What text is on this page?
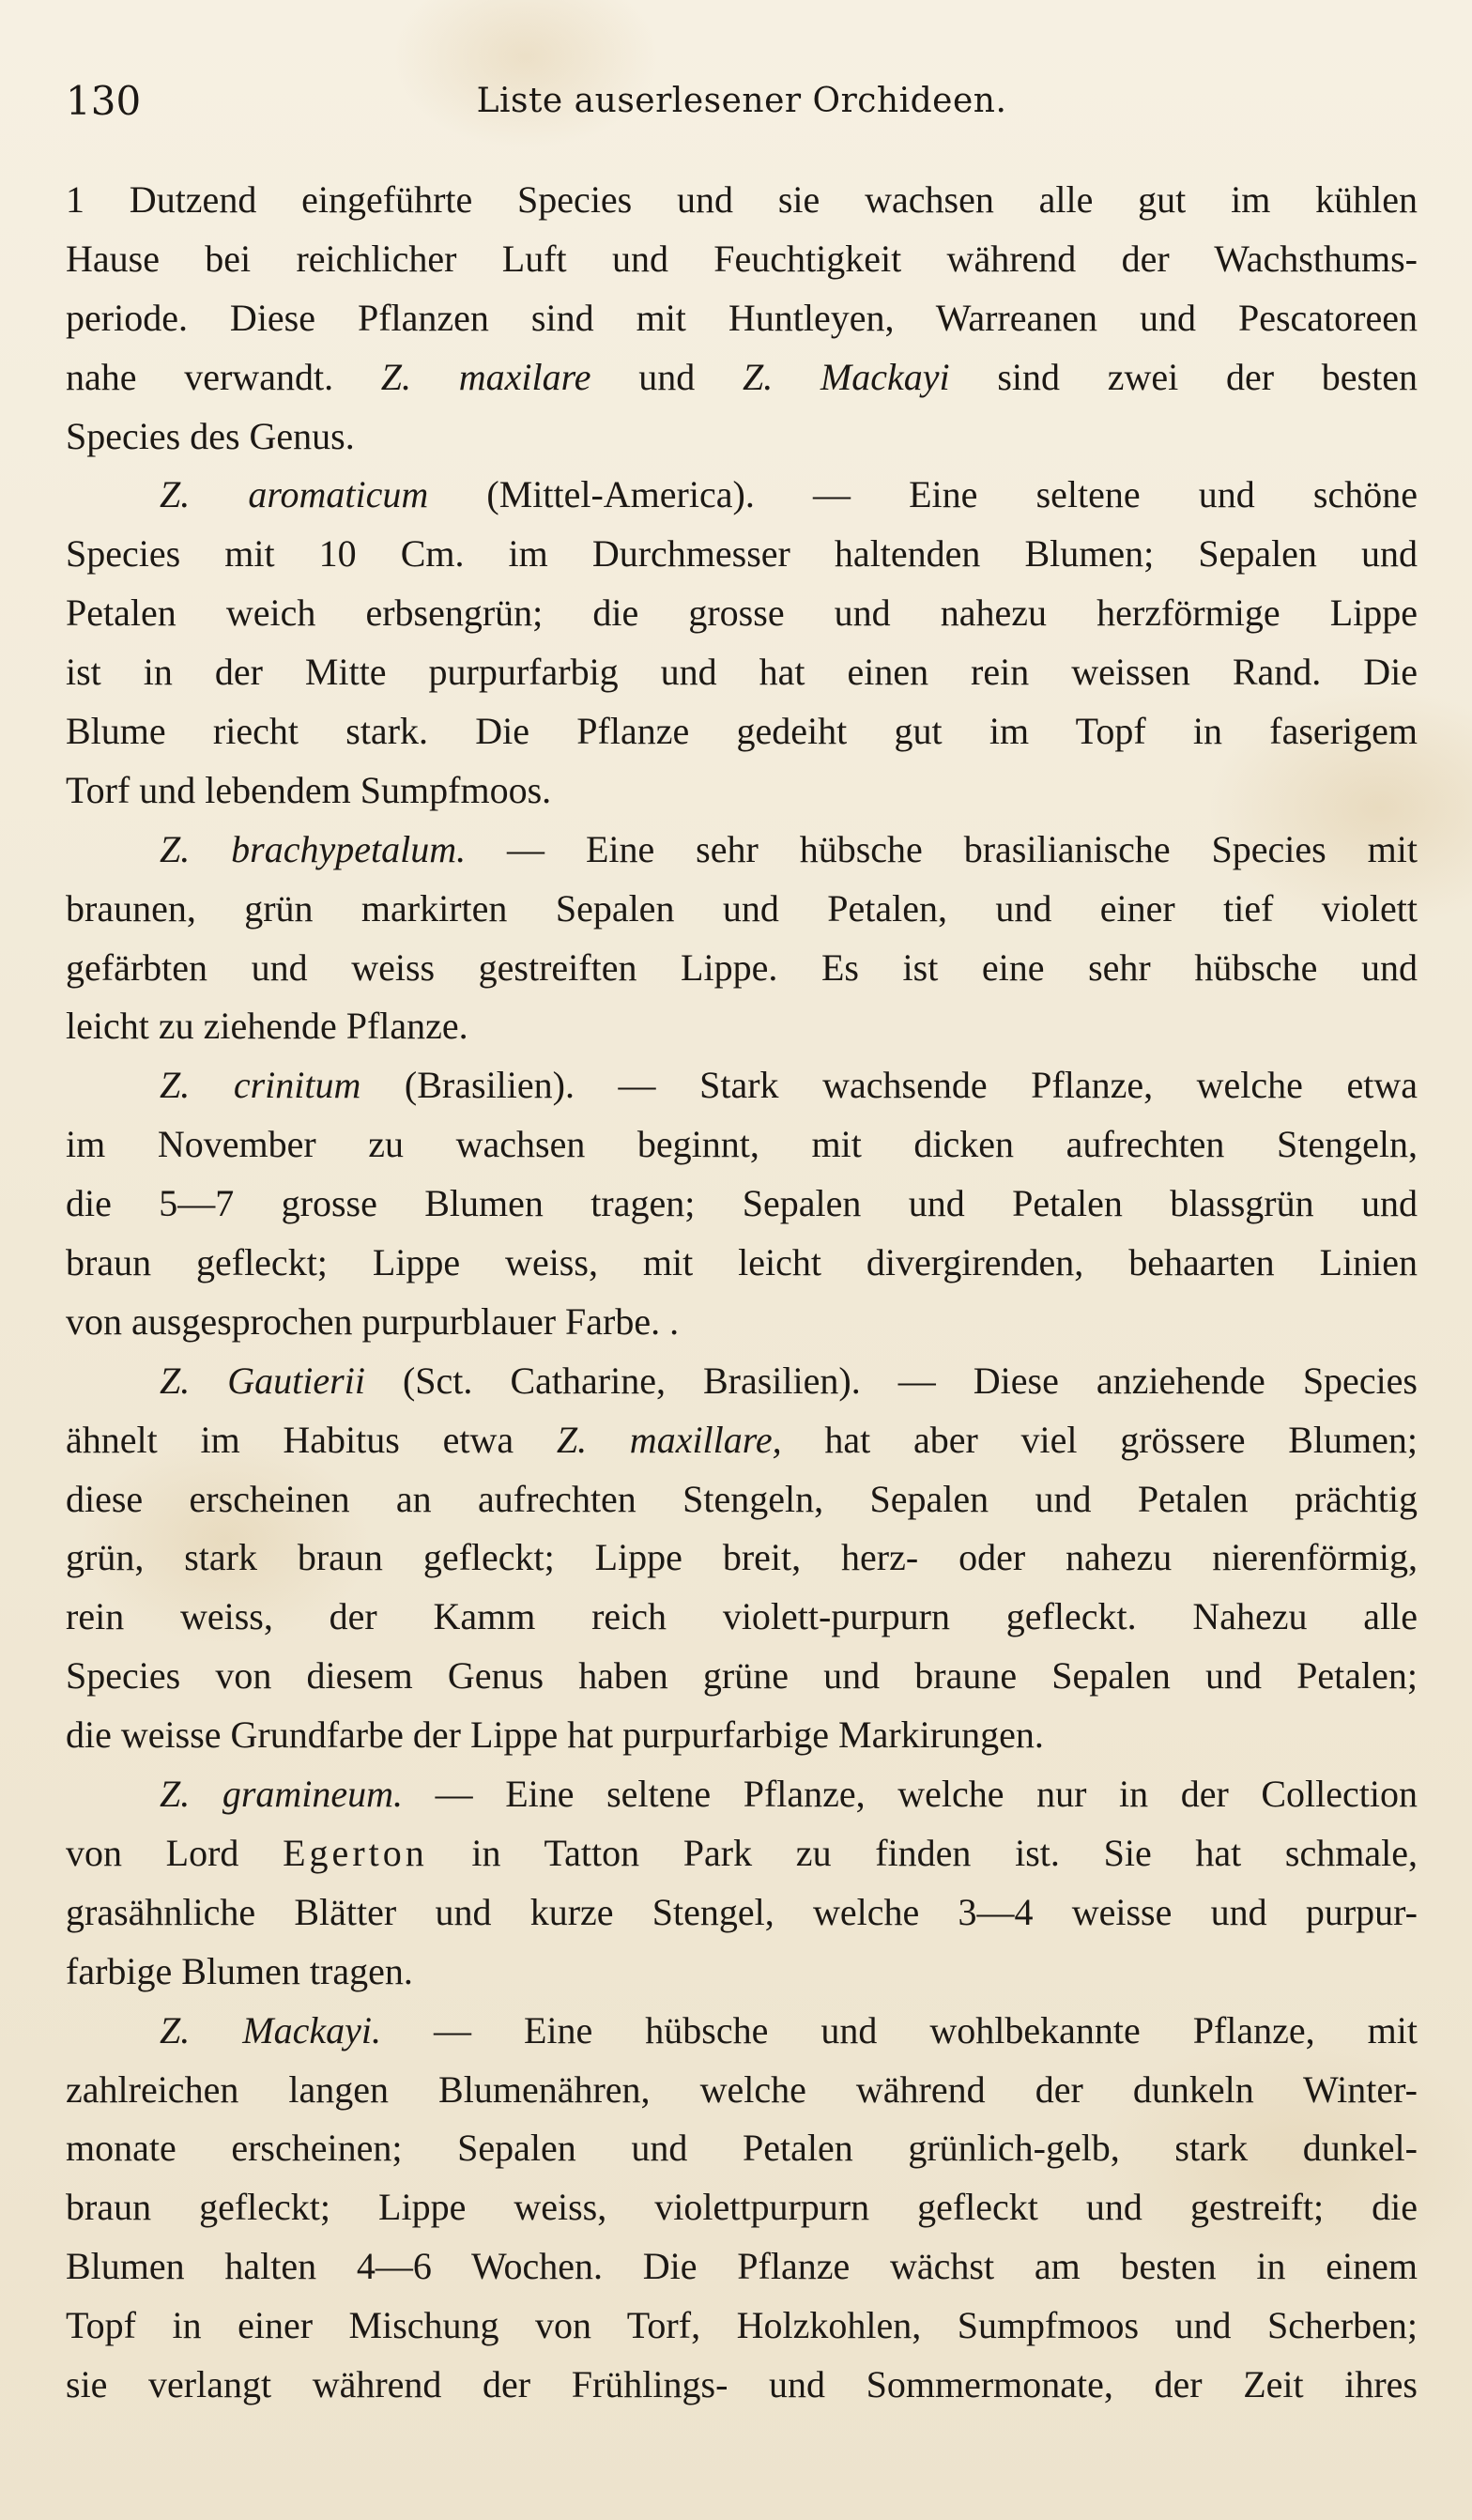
130	Liste auserlesener Orchideen.
1 Dutzend eingeführte Species und sie wachsen alle gut im kühlen
Hause bei reichlicher Luft und Feuchtigkeit während der Wachsthums-
periode. Diese Pflanzen sind mit Huntleyen, Warreanen und Pescatoreen
nahe verwandt. Z. maxilare und Z. Mackayi sind zwei der besten
Species des Genus.
Z. aromaticum (Mittel-America). — Eine seltene und schöne
Species mit 10 Cm. im Durchmesser haltenden Blumen; Sepalen und
Petalen weich erbsengrün; die grosse und nahezu herzförmige Lippe
ist in der Mitte purpurfarbig und hat einen rein weissen Rand. Die
Blume riecht stark. Die Pflanze gedeiht gut im Topf in faserigem
Torf und lebendem Sumpfmoos.
Z. brachypetalum. — Eine sehr hübsche brasilianische Species mit
braunen, grün markirten Sepalen und Petalen, und einer tief violett
gefärbten und weiss gestreiften Lippe. Es ist eine sehr hübsche und
leicht zu ziehende Pflanze.
Z. crinitum (Brasilien). — Stark wachsende Pflanze, welche etwa
im November zu wachsen beginnt, mit dicken aufrechten Stengeln,
die 5—7 grosse Blumen tragen; Sepalen und Petalen blassgrün und
braun gefleckt; Lippe weiss, mit leicht divergirenden, behaarten Linien
von ausgesprochen purpurblauer Farbe. .
Z. Gautierii (Sct. Catharine, Brasilien). — Diese anziehende Species
ähnelt im Habitus etwa Z. maxillare, hat aber viel grössere Blumen;
diese erscheinen an aufrechten Stengeln, Sepalen und Petalen prächtig
grün, stark braun gefleckt; Lippe breit, herz- oder nahezu nierenförmig,
rein weiss, der Kamm reich violett-purpurn gefleckt. Nahezu alle
Species von diesem Genus haben grüne und braune Sepalen und Petalen;
die weisse Grundfarbe der Lippe hat purpurfarbige Markirungen.
Z. gramineum. — Eine seltene Pflanze, welche nur in der Collection
von Lord Egerton in Tatton Park zu finden ist. Sie hat schmale,
grasähnliche Blätter und kurze Stengel, welche 3—4 weisse und purpur-
farbige Blumen tragen.
Z. Mackayi. — Eine hübsche und wohlbekannte Pflanze, mit
zahlreichen langen Blumenähren, welche während der dunkeln Winter-
monate erscheinen; Sepalen und Petalen grünlich-gelb, stark dunkel-
braun gefleckt; Lippe weiss, violettpurpurn gefleckt und gestreift; die
Blumen halten 4—6 Wochen. Die Pflanze wächst am besten in einem
Topf in einer Mischung von Torf, Holzkohlen, Sumpfmoos und Scherben;
sie verlangt während der Frühlings- und Sommermonate, der Zeit ihres
